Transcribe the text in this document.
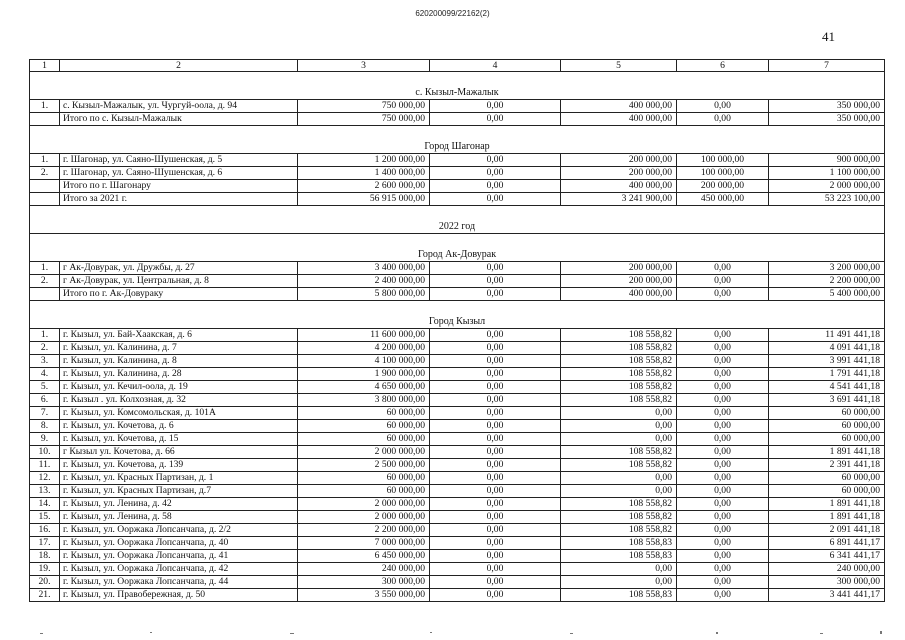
620200099/22162(2)
41
1	2	3	4	5	6	7
с. Кызыл-Мажалык						
1.	с. Кызыл-Мажалык, ул. Чургуй-оола, д. 94	750 000,00	0,00	400 000,00	0,00	350 000,00
	Итого по с. Кызыл-Мажалык	750 000,00	0,00	400 000,00	0,00	350 000,00
Город Шагонар						
1.	г. Шагонар, ул. Саяно-Шушенская, д. 5	1 200 000,00	0,00	200 000,00	100 000,00	900 000,00
2.	г. Шагонар, ул. Саяно-Шушенская, д. 6	1 400 000,00	0,00	200 000,00	100 000,00	1 100 000,00
	Итого по г. Шагонару	2 600 000,00	0,00	400 000,00	200 000,00	2 000 000,00
	Итого за 2021 г.	56 915 000,00	0,00	3 241 900,00	450 000,00	53 223 100,00
2022 год						
Город Ак-Довурак						
1.	г Ак-Довурак, ул. Дружбы, д. 27	3 400 000,00	0,00	200 000,00	0,00	3 200 000,00
2.	г Ак-Довурак, ул. Центральная, д. 8	2 400 000,00	0,00	200 000,00	0,00	2 200 000,00
	Итого по г. Ак-Довураку	5 800 000,00	0,00	400 000,00	0,00	5 400 000,00
Город Кызыл						
1.	г. Кызыл, ул. Бай-Хаакская, д. 6	11 600 000,00	0,00	108 558,82	0,00	11 491 441,18
2.	г. Кызыл, ул. Калинина, д. 7	4 200 000,00	0,00	108 558,82	0,00	4 091 441,18
3.	г. Кызыл, ул. Калинина, д. 8	4 100 000,00	0,00	108 558,82	0,00	3 991 441,18
4.	г. Кызыл, ул. Калинина, д. 28	1 900 000,00	0,00	108 558,82	0,00	1 791 441,18
5.	г. Кызыл, ул. Кечил-оола, д. 19	4 650 000,00	0,00	108 558,82	0,00	4 541 441,18
6.	г. Кызыл . ул. Колхозная, д. 32	3 800 000,00	0,00	108 558,82	0,00	3 691 441,18
7.	г. Кызыл, ул. Комсомольская, д. 101А	60 000,00	0,00	0,00	0,00	60 000,00
8.	г. Кызыл, ул. Кочетова, д. 6	60 000,00	0,00	0,00	0,00	60 000,00
9.	г. Кызыл, ул. Кочетова, д. 15	60 000,00	0,00	0,00	0,00	60 000,00
10.	г Кызыл ул. Кочетова, д. 66	2 000 000,00	0,00	108 558,82	0,00	1 891 441,18
11.	г. Кызыл, ул. Кочетова, д. 139	2 500 000,00	0,00	108 558,82	0,00	2 391 441,18
12.	г. Кызыл, ул. Красных Партизан, д. 1	60 000,00	0,00	0,00	0,00	60 000,00
13.	г. Кызыл, ул. Красных Партизан, д.7	60 000,00	0,00	0,00	0,00	60 000,00
14.	г. Кызыл, ул. Ленина, д. 42	2 000 000,00	0,00	108 558,82	0,00	1 891 441,18
15.	г. Кызыл, ул. Ленина, д. 58	2 000 000,00	0,00	108 558,82	0,00	1 891 441,18
16.	г. Кызыл, ул. Ооржака Лопсанчапа, д. 2/2	2 200 000,00	0,00	108 558,82	0,00	2 091 441,18
17.	г. Кызыл, ул. Ооржака Лопсанчапа, д. 40	7 000 000,00	0,00	108 558,83	0,00	6 891 441,17
18.	г. Кызыл, ул. Ооржака Лопсанчапа, д. 41	6 450 000,00	0,00	108 558,83	0,00	6 341 441,17
19.	г. Кызыл, ул. Ооржака Лопсанчапа, д. 42	240 000,00	0,00	0,00	0,00	240 000,00
20.	г. Кызыл, ул. Ооржака Лопсанчапа, д. 44	300 000,00	0,00	0,00	0,00	300 000,00
21.	г. Кызыл, ул. Правобережная, д. 50	3 550 000,00	0,00	108 558,83	0,00	3 441 441,17
